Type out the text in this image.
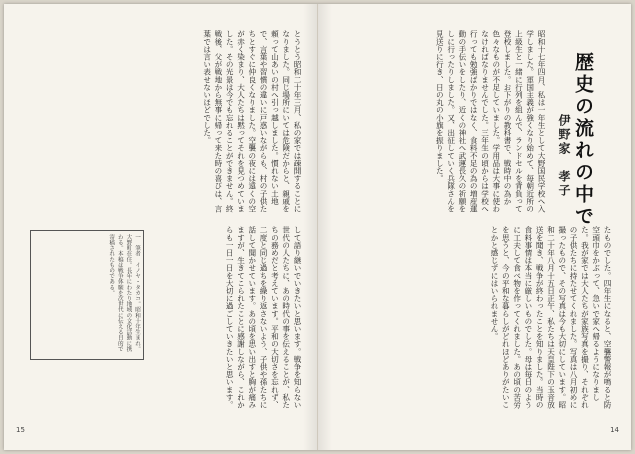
とうとう昭和二十年三月、私の家では疎開することになりました。同じ場所にいては危険だからと、親戚を頼って山あいの村へ引っ越しました。慣れない土地で、言葉や習慣の違いに戸惑いながらも、村の子供たちとすぐに仲良くなりました。空襲の夜には遠くの空が赤く染まり、大人たちは黙ってそれを見つめていました。その光景は今でも忘れることができません。終戦後、父が戦地から無事に帰って来た時の喜びは、言葉では言い表せないほどでした。
して語り継いでいきたいと思います。戦争を知らない世代の人たちに、あの時代の事を伝えることが、私たちの務めだと考えています。平和の大切さを忘れず、二度と同じ過ちを繰り返さないよう、子供や孫たちに話して聞かせています。あの頃を思い出すと胸が痛みますが、生きてこられたことに感謝しながら、これからも一日一日を大切に過ごしていきたいと思います。
一　筆者　イノヤ・タカコ。昭和十年生まれ。大野町在住。長年にわたり地域の文化活動に携わる。本稿は戦争体験を次世代に伝える目的で寄稿されたものである。
15
歴史の流れの中で
伊野家　孝子
昭和十七年四月、私は一年生として大野国民学校へ入学しました。軍国主義が強くなり始めて、毎朝近所の上級生と一緒に行列を組んで、ランドセルを背負って登校しました。お下がりの教科書で、戦時中の為か色々なものが不足していました。学用品は大事に使わなければなりませんでした。三年生の頃からは学校へ行っても勉強ばかりではなく、食料不足の為の増産運動の手伝いをしたり、近くの神社へ武運長久の祈願をしに行ったりしました。又、出征していく兵隊さんを見送りに行き、日の丸の小旗を振りました。
たものでした。四年生になると、空襲警報が鳴ると防空頭巾をかぶって、急いで家へ帰るようになりました。我が家では大人たちが家族写真を撮り、それぞれの子供たちに持たせてくれました。写真は八月初めに撮ったもので、その写真は今も大切にしています。昭和二十年八月十五日正午、私たちは天皇陛下の玉音放送を聞き、戦争が終わったことを知りました。当時の食料事情は本当に厳しいものでした。母は毎日のように工夫して食べ物を作ってくれました。あの頃の苦労を思うと、今の平和な暮らしがどれほどありがたいことかと感じずにはいられません。
14
